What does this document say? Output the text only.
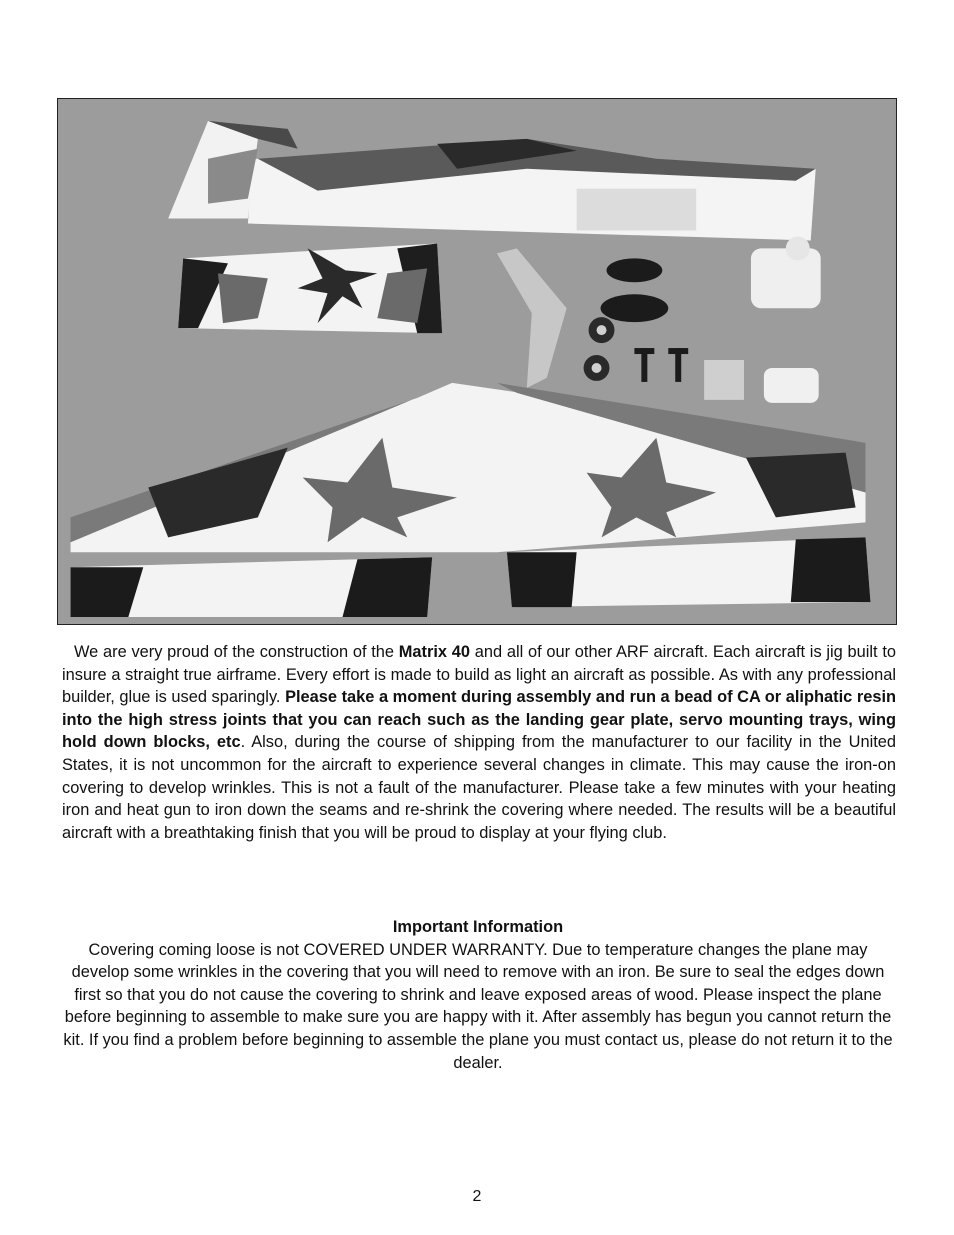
We are very proud of the construction of the Matrix 40 and all of our other ARF aircraft. Each aircraft is jig built to insure a straight true airframe. Every effort is made to build as light an aircraft as possible. As with any professional builder, glue is used sparingly. Please take a moment during assembly and run a bead of CA or aliphatic resin into the high stress joints that you can reach such as the landing gear plate, servo mounting trays, wing hold down blocks, etc. Also, during the course of shipping from the manufacturer to our facility in the United States, it is not uncommon for the aircraft to experience several changes in climate. This may cause the iron-on covering to develop wrinkles. This is not a fault of the manufacturer. Please take a few minutes with your heating iron and heat gun to iron down the seams and re-shrink the covering where needed. The results will be a beautiful aircraft with a breathtaking finish that you will be proud to display at your flying club.

Important Information

Covering coming loose is not COVERED UNDER WARRANTY. Due to temperature changes the plane may develop some wrinkles in the covering that you will need to remove with an iron. Be sure to seal the edges down first so that you do not cause the covering to shrink and leave exposed areas of wood. Please inspect the plane before beginning to assemble to make sure you are happy with it. After assembly has begun you cannot return the kit. If you find a problem before beginning to assemble the plane you must contact us, please do not return it to the dealer.

2
